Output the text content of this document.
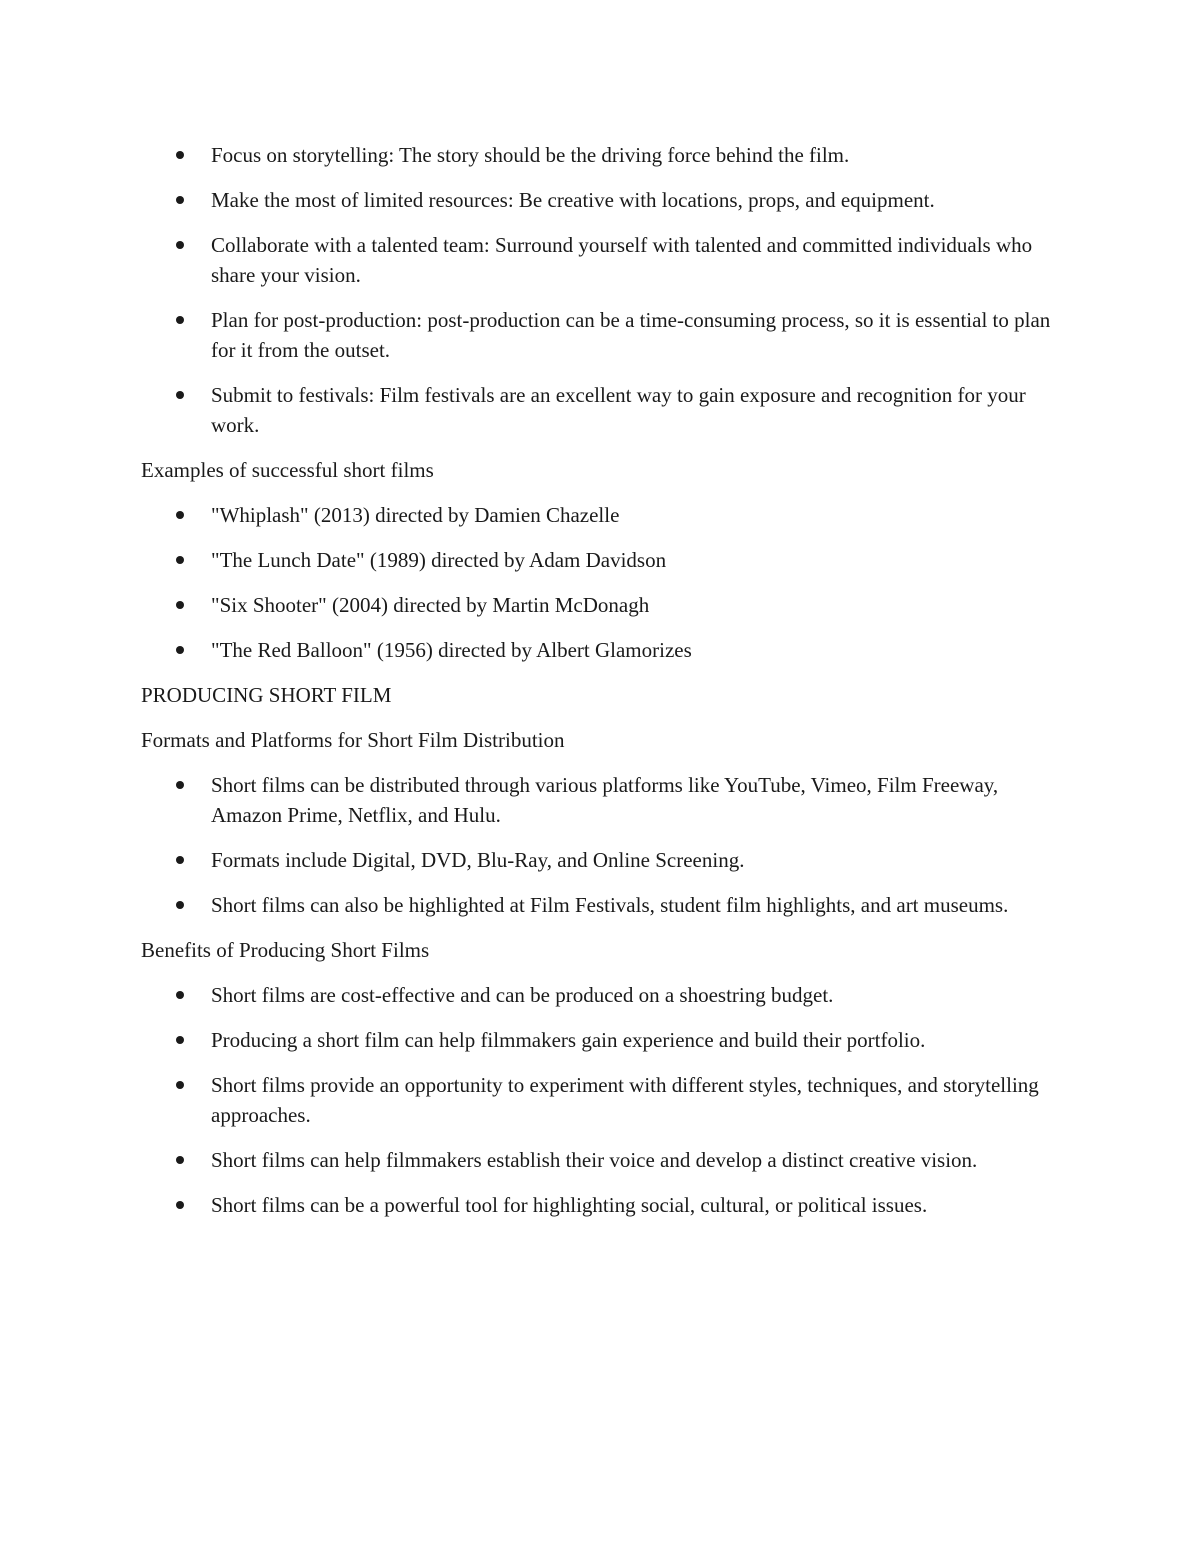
Focus on storytelling: The story should be the driving force behind the film.
Make the most of limited resources: Be creative with locations, props, and equipment.
Collaborate with a talented team: Surround yourself with talented and committed individuals who share your vision.
Plan for post-production: post-production can be a time-consuming process, so it is essential to plan for it from the outset.
Submit to festivals: Film festivals are an excellent way to gain exposure and recognition for your work.

Examples of successful short films

"Whiplash" (2013) directed by Damien Chazelle
"The Lunch Date" (1989) directed by Adam Davidson
"Six Shooter" (2004) directed by Martin McDonagh
"The Red Balloon" (1956) directed by Albert Glamorizes

PRODUCING SHORT FILM

Formats and Platforms for Short Film Distribution

Short films can be distributed through various platforms like YouTube, Vimeo, Film Freeway, Amazon Prime, Netflix, and Hulu.
Formats include Digital, DVD, Blu-Ray, and Online Screening.
Short films can also be highlighted at Film Festivals, student film highlights, and art museums.

Benefits of Producing Short Films

Short films are cost-effective and can be produced on a shoestring budget.
Producing a short film can help filmmakers gain experience and build their portfolio.
Short films provide an opportunity to experiment with different styles, techniques, and storytelling approaches.
Short films can help filmmakers establish their voice and develop a distinct creative vision.
Short films can be a powerful tool for highlighting social, cultural, or political issues.
